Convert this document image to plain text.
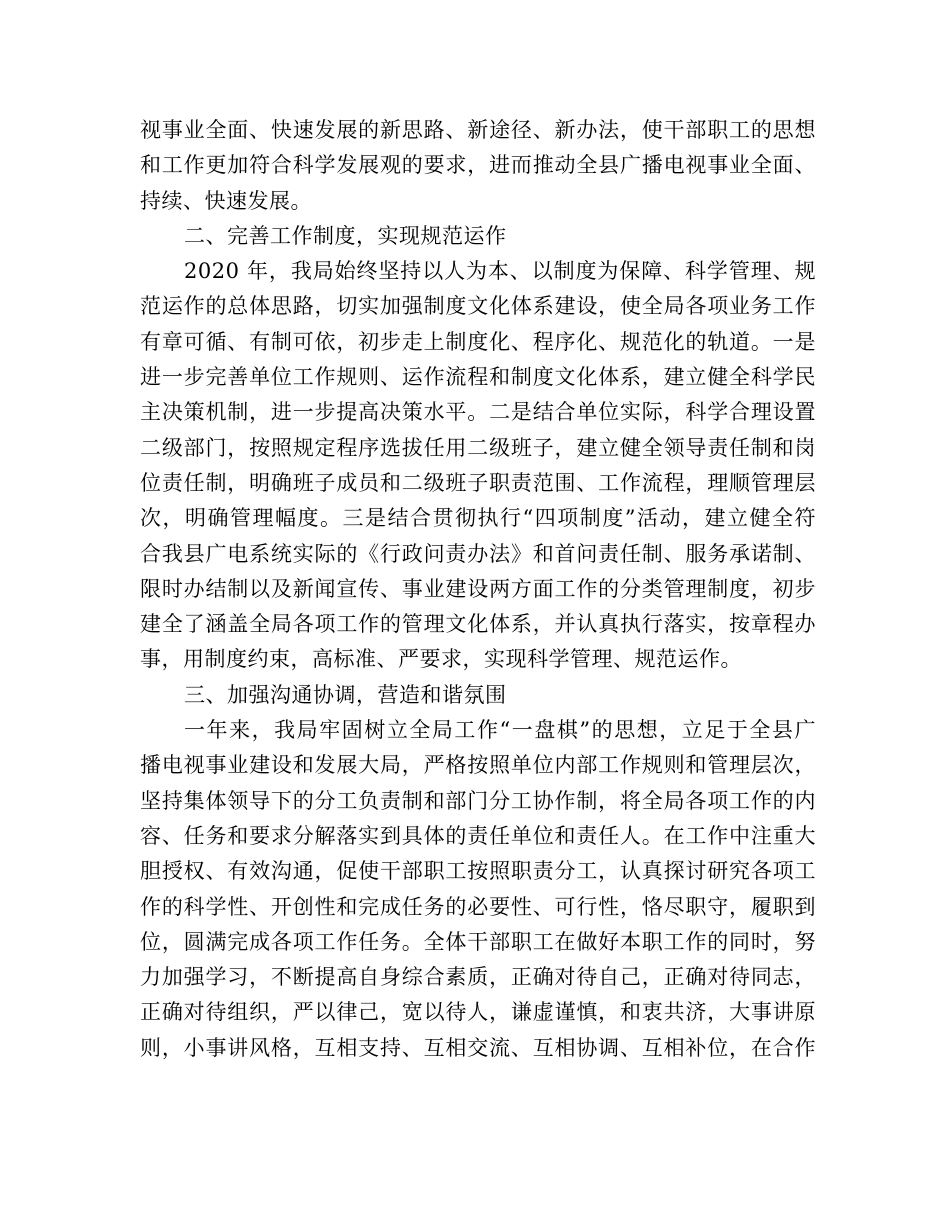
视事业全面、快速发展的新思路、新途径、新办法，使干部职工的思想
和工作更加符合科学发展观的要求，进而推动全县广播电视事业全面、
持续、快速发展。
二、完善工作制度，实现规范运作
2020 年，我局始终坚持以人为本、以制度为保障、科学管理、规
范运作的总体思路，切实加强制度文化体系建设，使全局各项业务工作
有章可循、有制可依，初步走上制度化、程序化、规范化的轨道。一是
进一步完善单位工作规则、运作流程和制度文化体系，建立健全科学民
主决策机制，进一步提高决策水平。二是结合单位实际，科学合理设置
二级部门，按照规定程序选拔任用二级班子，建立健全领导责任制和岗
位责任制，明确班子成员和二级班子职责范围、工作流程，理顺管理层
次，明确管理幅度。三是结合贯彻执行“四项制度”活动，建立健全符
合我县广电系统实际的《行政问责办法》和首问责任制、服务承诺制、
限时办结制以及新闻宣传、事业建设两方面工作的分类管理制度，初步
建全了涵盖全局各项工作的管理文化体系，并认真执行落实，按章程办
事，用制度约束，高标准、严要求，实现科学管理、规范运作。
三、加强沟通协调，营造和谐氛围
一年来，我局牢固树立全局工作“一盘棋”的思想，立足于全县广
播电视事业建设和发展大局，严格按照单位内部工作规则和管理层次，
坚持集体领导下的分工负责制和部门分工协作制，将全局各项工作的内
容、任务和要求分解落实到具体的责任单位和责任人。在工作中注重大
胆授权、有效沟通，促使干部职工按照职责分工，认真探讨研究各项工
作的科学性、开创性和完成任务的必要性、可行性，恪尽职守，履职到
位，圆满完成各项工作任务。全体干部职工在做好本职工作的同时，努
力加强学习，不断提高自身综合素质，正确对待自己，正确对待同志，
正确对待组织，严以律己，宽以待人，谦虚谨慎，和衷共济，大事讲原
则，小事讲风格，互相支持、互相交流、互相协调、互相补位，在合作
